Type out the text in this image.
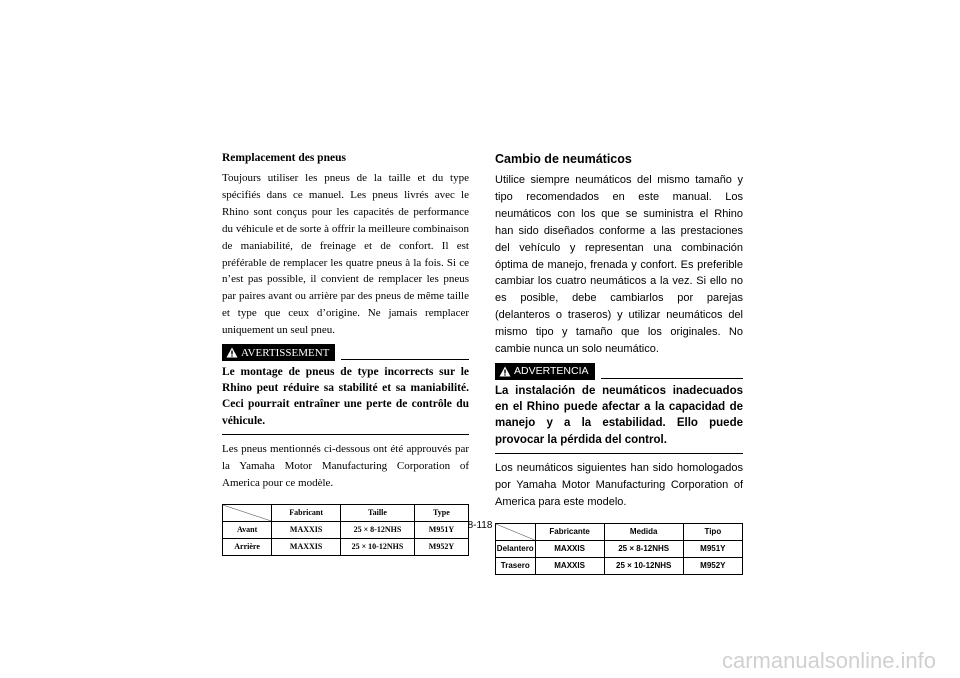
Remplacement des pneus

Toujours utiliser les pneus de la taille et du type spécifiés dans ce manuel. Les pneus livrés avec le Rhino sont conçus pour les capacités de performance du véhicule et de sorte à offrir la meilleure combinaison de maniabilité, de freinage et de confort. Il est préférable de remplacer les quatre pneus à la fois. Si ce n’est pas possible, il convient de remplacer les pneus par paires avant ou arrière par des pneus de même taille et type que ceux d’origine. Ne jamais remplacer uniquement un seul pneu.

AVERTISSEMENT

Le montage de pneus de type incorrects sur le Rhino peut réduire sa stabilité et sa maniabilité. Ceci pourrait entraîner une perte de contrôle du véhicule.

Les pneus mentionnés ci-dessous ont été approuvés par la Yamaha Motor Manufacturing Corporation of America pour ce modèle.

	Fabricant	Taille	Type
Avant	MAXXIS	25 × 8-12NHS	M951Y
Arrière	MAXXIS	25 × 10-12NHS	M952Y
Cambio de neumáticos

Utilice siempre neumáticos del mismo tamaño y tipo recomendados en este manual. Los neumáticos con los que se suministra el Rhino han sido diseñados conforme a las prestaciones del vehículo y representan una combinación óptima de manejo, frenada y confort. Es preferible cambiar los cuatro neumáticos a la vez. Si ello no es posible, debe cambiarlos por parejas (delanteros o traseros) y utilizar neumáticos del mismo tipo y tamaño que los originales. No cambie nunca un solo neumático.

ADVERTENCIA

La instalación de neumáticos inadecuados en el Rhino puede afectar a la capacidad de manejo y a la estabilidad. Ello puede provocar la pérdida del control.

Los neumáticos siguientes han sido homologados por Yamaha Motor Manufacturing Corporation of America para este modelo.

	Fabricante	Medida	Tipo
Delantero	MAXXIS	25 × 8-12NHS	M951Y
Trasero	MAXXIS	25 × 10-12NHS	M952Y
8-118
carmanualsonline.info
